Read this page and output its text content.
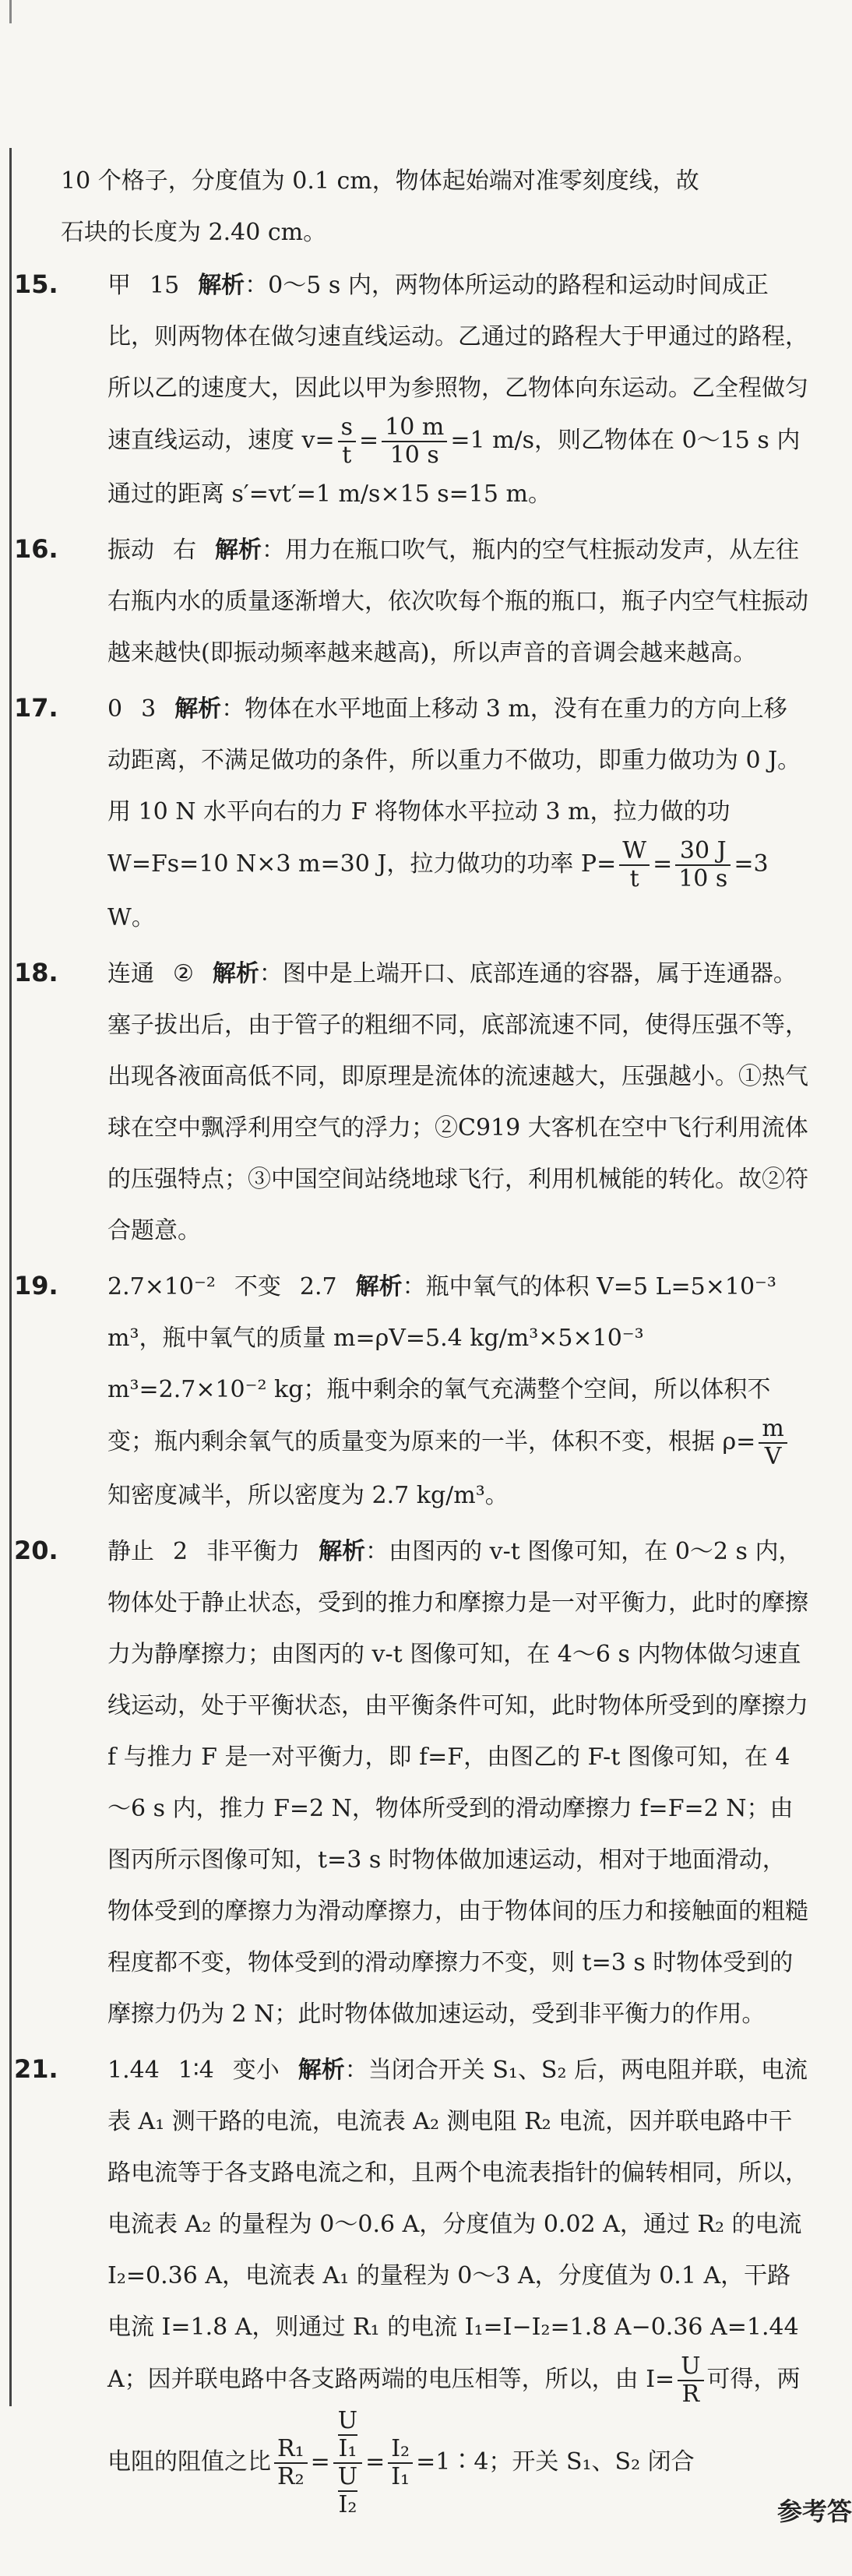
10 个格子，分度值为 0.1 cm，物体起始端对准零刻度线，故
石块的长度为 2.40 cm。

15. 甲 15 解析：0～5 s 内，两物体所运动的路程和运动时间成正比，则两物体在做匀速直线运动。乙通过的路程大于甲通过的路程，所以乙的速度大，因此以甲为参照物，乙物体向东运动。乙全程做匀速直线运动，速度 $v= \frac{s}{t} = \frac{10 m}{10 s} =1$ m/s，则乙物体在 0～15 s 内通过的距离 s′=vt′=1 m/s×15 s=15 m。

16. 振动 右 解析：用力在瓶口吹气，瓶内的空气柱振动发声，从左往右瓶内水的质量逐渐增大，依次吹每个瓶的瓶口，瓶子内空气柱振动越来越快(即振动频率越来越高)，所以声音的音调会越来越高。

17. 0 3 解析：物体在水平地面上移动 3 m，没有在重力的方向上移动距离，不满足做功的条件，所以重力不做功，即重力做功为 0 J。用 10 N 水平向右的力 F 将物体水平拉动 3 m，拉力做的功 W=Fs=10 N×3 m=30 J，拉力做功的功率 $P= \frac{W}{t} = \frac{30 J}{10 s} =3$ W。

18. 连通 ② 解析：图中是上端开口、底部连通的容器，属于连通器。塞子拔出后，由于管子的粗细不同，底部流速不同，使得压强不等，出现各液面高低不同，即原理是流体的流速越大，压强越小。①热气球在空中飘浮利用空气的浮力；②C919 大客机在空中飞行利用流体的压强特点；③中国空间站绕地球飞行，利用机械能的转化。故②符合题意。

19. 2.7×10⁻² 不变 2.7 解析：瓶中氧气的体积 V=5 L=5×10⁻³ m³，瓶中氧气的质量 m=ρV=5.4 kg/m³×5×10⁻³ m³=2.7×10⁻² kg；瓶中剩余的氧气充满整个空间，所以体积不变；瓶内剩余氧气的质量变为原来的一半，体积不变，根据 $\rho= \frac{m}{V}$
知密度减半，所以密度为 2.7 kg/m³。

20. 静止 2 非平衡力 解析：由图丙的 v-t 图像可知，在 0～2 s 内，物体处于静止状态，受到的推力和摩擦力是一对平衡力，此时的摩擦力为静摩擦力；由图丙的 v-t 图像可知，在 4～6 s 内物体做匀速直线运动，处于平衡状态，由平衡条件可知，此时物体所受到的摩擦力 f 与推力 F 是一对平衡力，即 f=F，由图乙的 F-t 图像可知，在 4～6 s 内，推力 F=2 N，物体所受到的滑动摩擦力 f=F=2 N；由图丙所示图像可知，t=3 s 时物体做加速运动，相对于地面滑动，物体受到的摩擦力为滑动摩擦力，由于物体间的压力和接触面的粗糙程度都不变，物体受到的滑动摩擦力不变，则 t=3 s 时物体受到的摩擦力仍为 2 N；此时物体做加速运动，受到非平衡力的作用。

21. 1.44 1∶4 变小 解析：当闭合开关 S₁、S₂ 后，两电阻并联，电流表 A₁ 测干路的电流，电流表 A₂ 测电阻 R₂ 电流，因并联电路中干路电流等于各支路电流之和，且两个电流表指针的偏转相同，所以，电流表 A₂ 的量程为 0～0.6 A，分度值为 0.02 A，通过 R₂ 的电流 I₂=0.36 A，电流表 A₁ 的量程为 0～3 A，分度值为 0.1 A，干路电流 I=1.8 A，则通过 R₁ 的电流 I₁=I−I₂=1.8 A−0.36 A=1.44 A；因并联电路中各支路两端的电压相等，所以，由 $I= \frac{U}{R}$ 可得，两电阻的阻值之比 $\frac{\text{R₁}}{\text{R₂}} = \frac{\frac{U}{\text{I₁}}}{\frac{U}{\text{I₂}}} = \frac{\text{I₂}}{\text{I₁}}$ =1∶4；开关 S₁、S₂ 闭合

参考答
